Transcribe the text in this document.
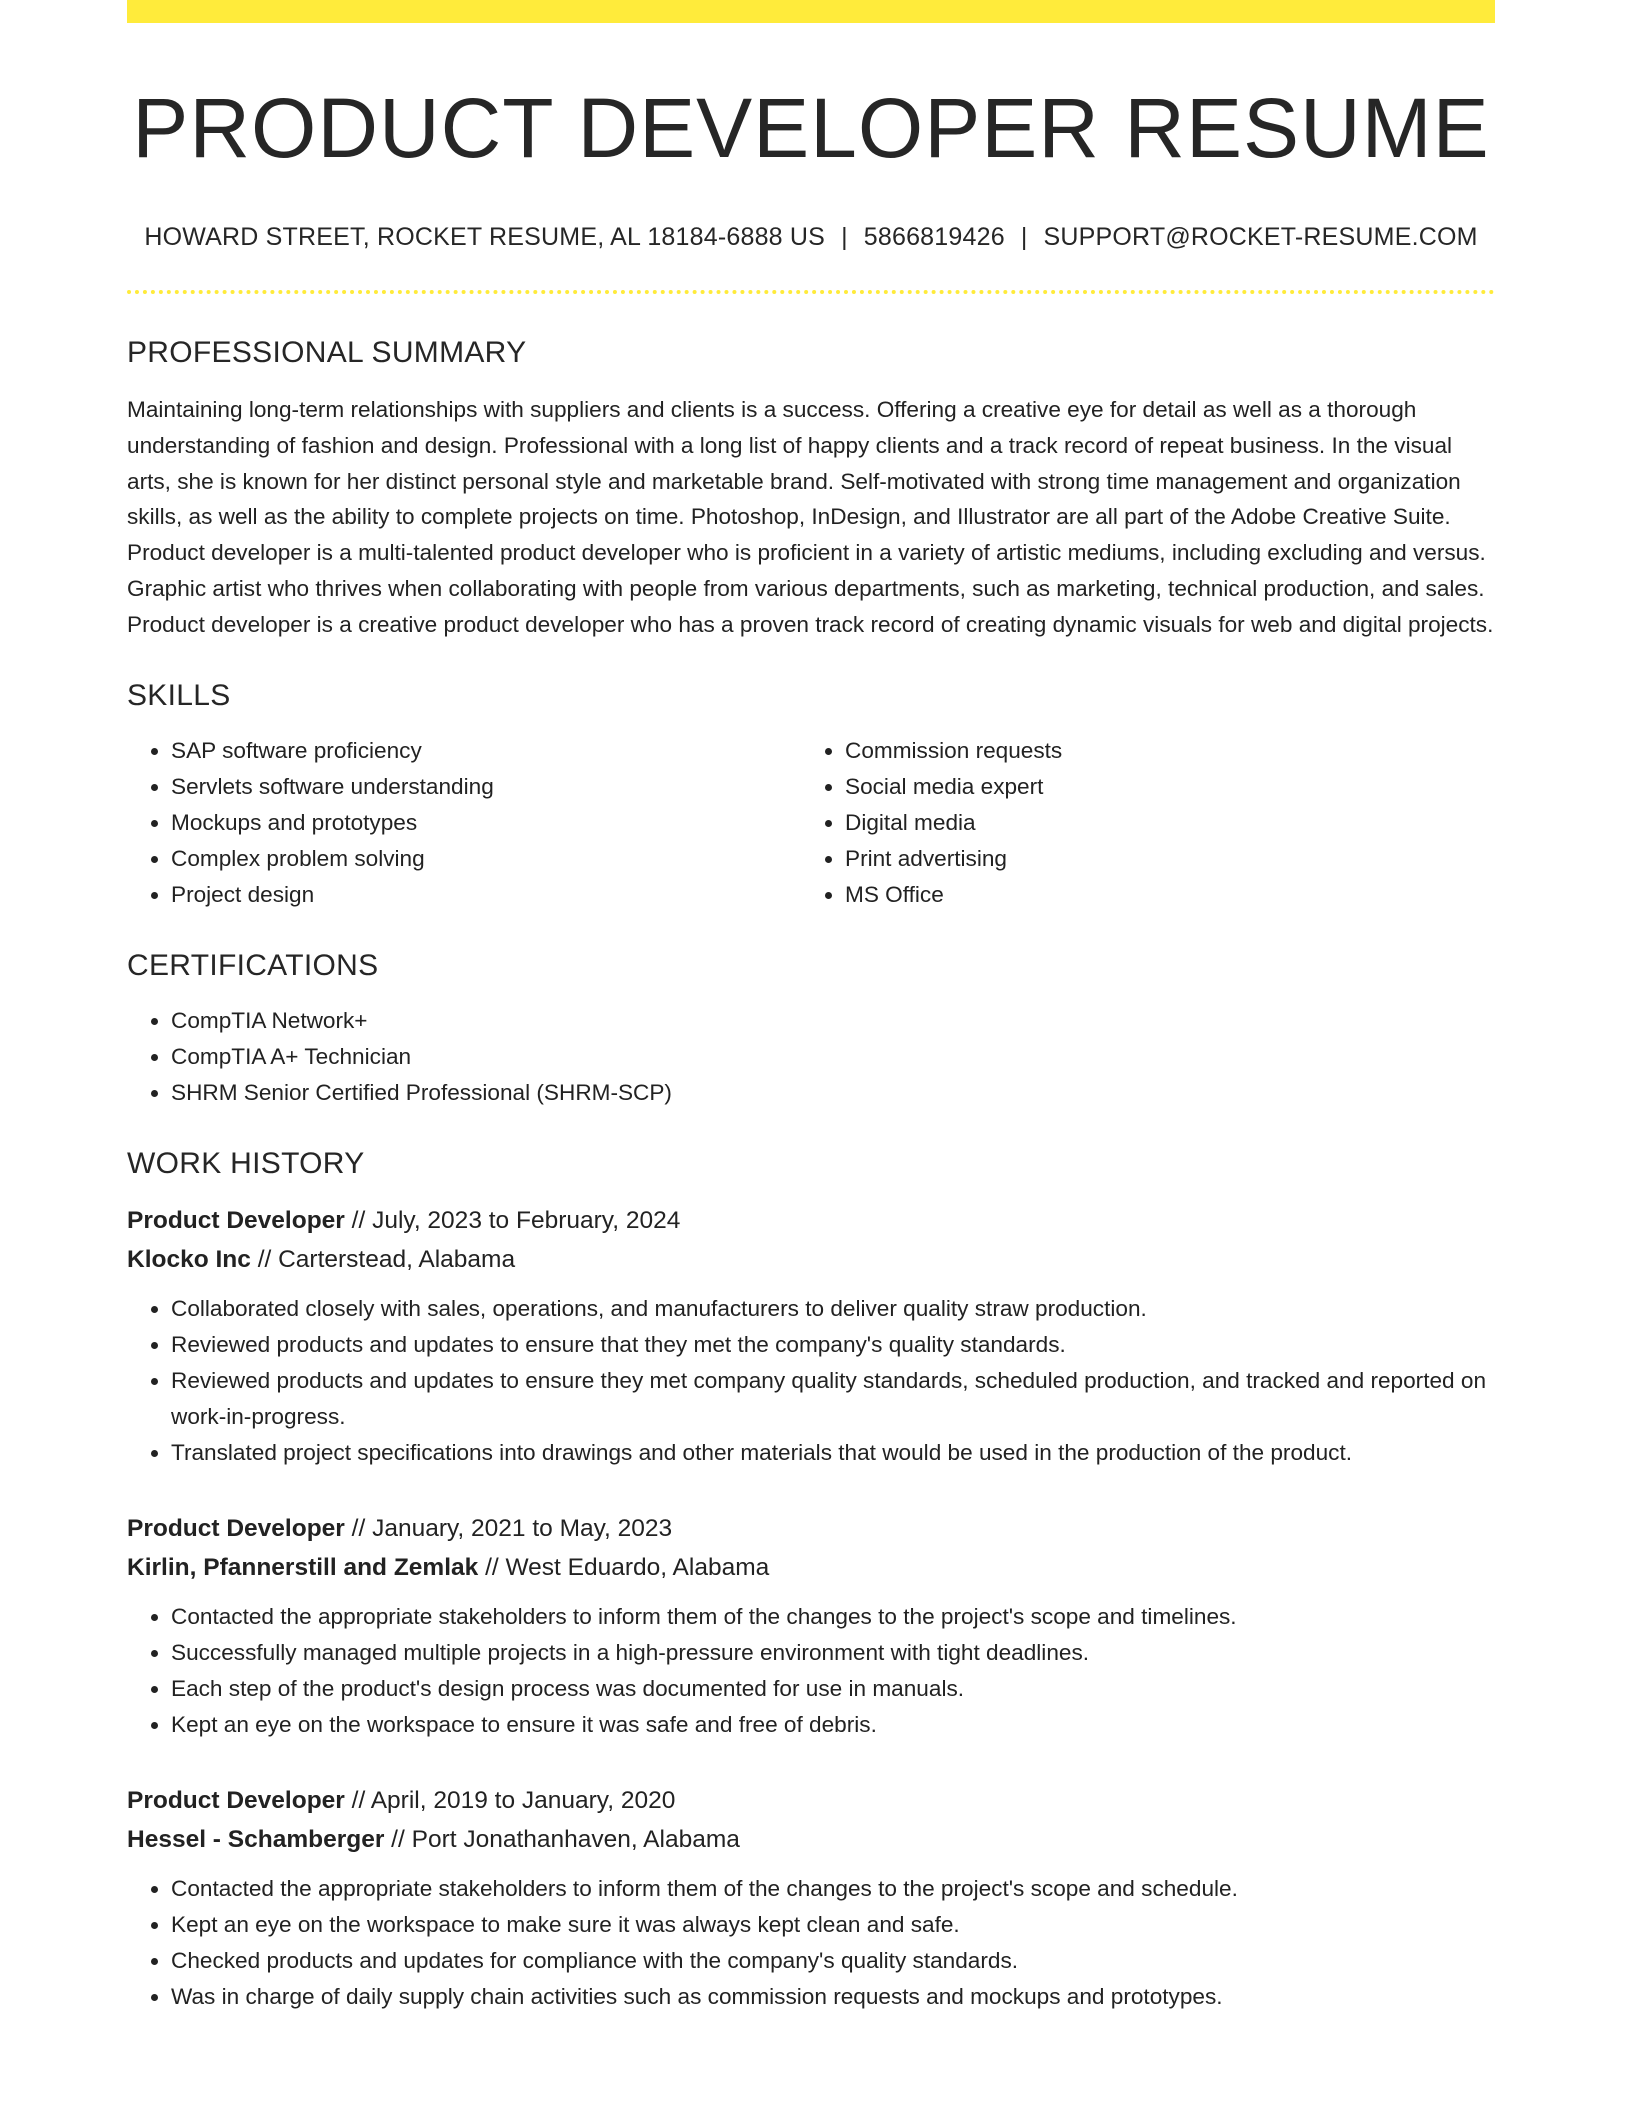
PRODUCT DEVELOPER RESUME
HOWARD STREET, ROCKET RESUME, AL 18184-6888 US | 5866819426 | SUPPORT@ROCKET-RESUME.COM
PROFESSIONAL SUMMARY

Maintaining long-term relationships with suppliers and clients is a success. Offering a creative eye for detail as well as a thorough understanding of fashion and design. Professional with a long list of happy clients and a track record of repeat business. In the visual arts, she is known for her distinct personal style and marketable brand. Self-motivated with strong time management and organization skills, as well as the ability to complete projects on time. Photoshop, InDesign, and Illustrator are all part of the Adobe Creative Suite. Product developer is a multi-talented product developer who is proficient in a variety of artistic mediums, including excluding and versus. Graphic artist who thrives when collaborating with people from various departments, such as marketing, technical production, and sales. Product developer is a creative product developer who has a proven track record of creating dynamic visuals for web and digital projects.

SKILLS
• SAP software proficiency
• Servlets software understanding
• Mockups and prototypes
• Complex problem solving
• Project design
• Commission requests
• Social media expert
• Digital media
• Print advertising
• MS Office
CERTIFICATIONS
• CompTIA Network+
• CompTIA A+ Technician
• SHRM Senior Certified Professional (SHRM-SCP)
WORK HISTORY
Product Developer // July, 2023 to February, 2024
Klocko Inc // Carterstead, Alabama
• Collaborated closely with sales, operations, and manufacturers to deliver quality straw production.
• Reviewed products and updates to ensure that they met the company's quality standards.
• Reviewed products and updates to ensure they met company quality standards, scheduled production, and tracked and reported on work-in-progress.
• Translated project specifications into drawings and other materials that would be used in the production of the product.
Product Developer // January, 2021 to May, 2023
Kirlin, Pfannerstill and Zemlak // West Eduardo, Alabama
• Contacted the appropriate stakeholders to inform them of the changes to the project's scope and timelines.
• Successfully managed multiple projects in a high-pressure environment with tight deadlines.
• Each step of the product's design process was documented for use in manuals.
• Kept an eye on the workspace to ensure it was safe and free of debris.
Product Developer // April, 2019 to January, 2020
Hessel - Schamberger // Port Jonathanhaven, Alabama
• Contacted the appropriate stakeholders to inform them of the changes to the project's scope and schedule.
• Kept an eye on the workspace to make sure it was always kept clean and safe.
• Checked products and updates for compliance with the company's quality standards.
• Was in charge of daily supply chain activities such as commission requests and mockups and prototypes.
